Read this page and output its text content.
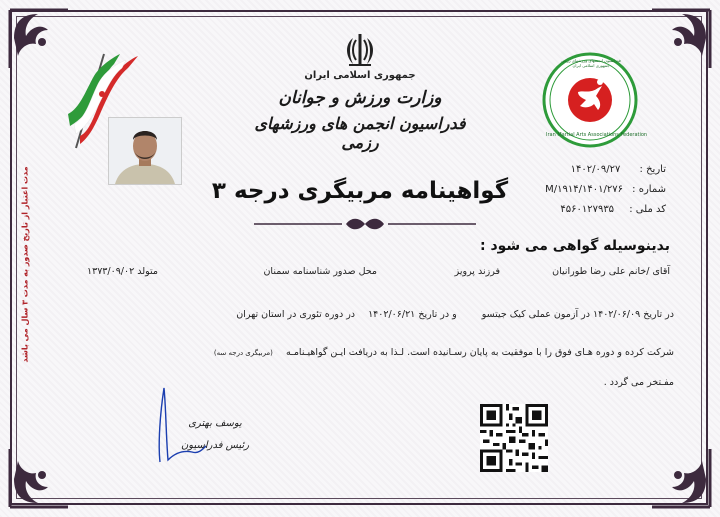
جمهوری اسلامی ایران
وزارت ورزش و جوانان
فدراسیون انجمن های ورزشهای رزمی
فدراسیون انجمنهای ورزشهای رزمی جمهوری اسلامی ایران
Iran Martial Arts Associations Federation
تاریخ : ۱۴۰۲/۰۹/۲۷
شماره : ۱۴۰۱/۲۷۶/M/۱۹۱۴
کد ملی : ۴۵۶۰۱۲۷۹۳۵
گواهینامه مربیگری درجه ۳
مدت اعتبار از تاریخ صدور به مدت ۳ سال می باشد	بدینوسیله گواهی می شود :
آقای /خانم علی رضا طورانیان
فرزند پرویز
محل صدور شناسنامه سمنان
متولد ۱۳۷۳/۰۹/۰۲
در تاریخ ۱۴۰۲/۰۶/۰۹ در آزمون عملی کیک جیتسو و در تاریخ ۱۴۰۲/۰۶/۲۱ در دوره تئوری در استان تهران
شرکت کرده و دوره هـای فوق را با موفقیت به پایان رسـانیده است. لـذا به دریافت ایـن گواهیـنامـه (مربیگری درجه سه)
مفـتخر می گردد .
یوسف بهتری
رئیس فدراسیون
